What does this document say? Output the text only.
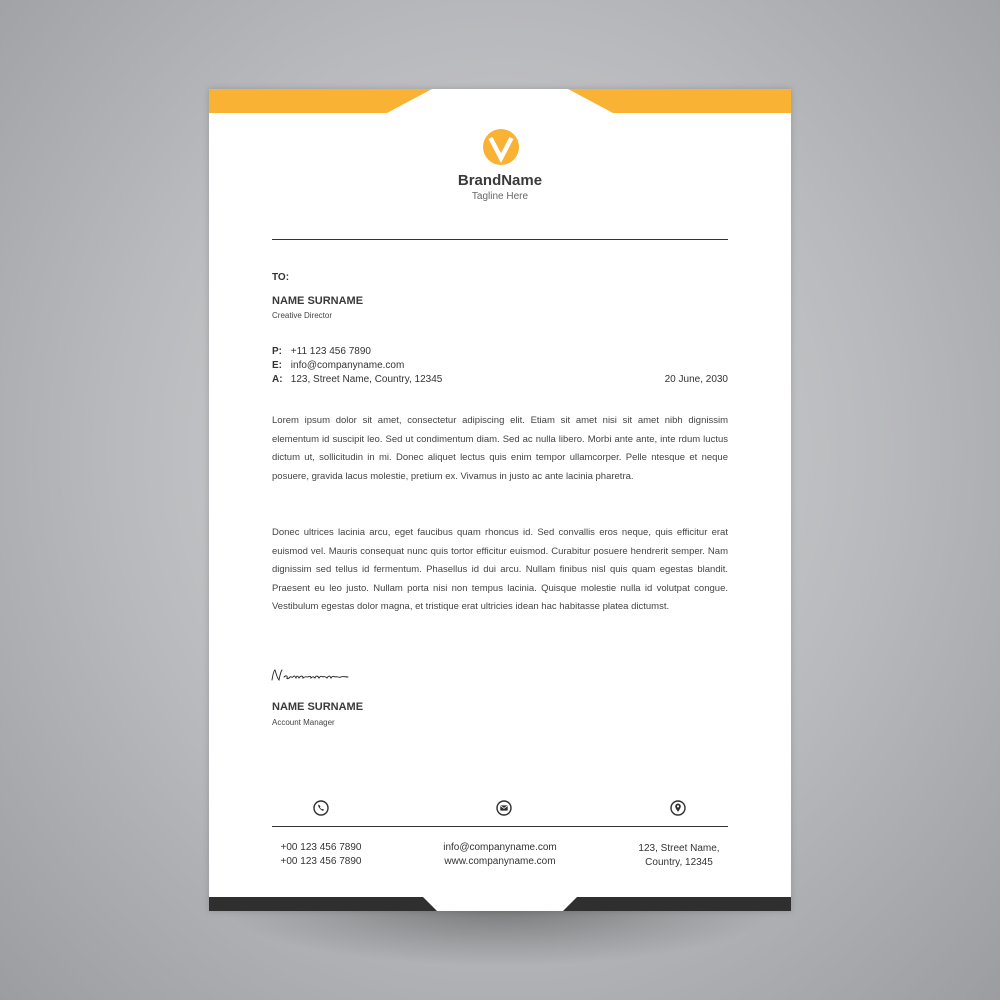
BrandName
Tagline Here
TO:
NAME SURNAME
Creative Director
P: +11 123 456 7890
E: info@companyname.com
A: 123, Street Name, Country, 12345	20 June, 2030

Lorem ipsum dolor sit amet, consectetur adipiscing elit. Etiam sit amet nisi sit amet nibh dignissim elementum id suscipit leo. Sed ut condimentum diam. Sed ac nulla libero. Morbi ante ante, inte rdum luctus dictum ut, sollicitudin in mi. Donec aliquet lectus quis enim tempor ullamcorper. Pelle ntesque et neque posuere, gravida lacus molestie, pretium ex. Vivamus in justo ac ante lacinia pharetra.

Donec ultrices lacinia arcu, eget faucibus quam rhoncus id. Sed convallis eros neque, quis efficitur erat euismod vel. Mauris consequat nunc quis tortor efficitur euismod. Curabitur posuere hendrerit semper. Nam dignissim sed tellus id fermentum. Phasellus id dui arcu. Nullam finibus nisl quis quam egestas blandit. Praesent eu leo justo. Nullam porta nisi non tempus lacinia. Quisque molestie nulla id volutpat congue. Vestibulum egestas dolor magna, et tristique erat ultricies idean hac habitasse platea dictumst.

NAME SURNAME
Account Manager
+00 123 456 7890
+00 123 456 7890
info@companyname.com
www.companyname.com
123, Street Name,
Country, 12345
